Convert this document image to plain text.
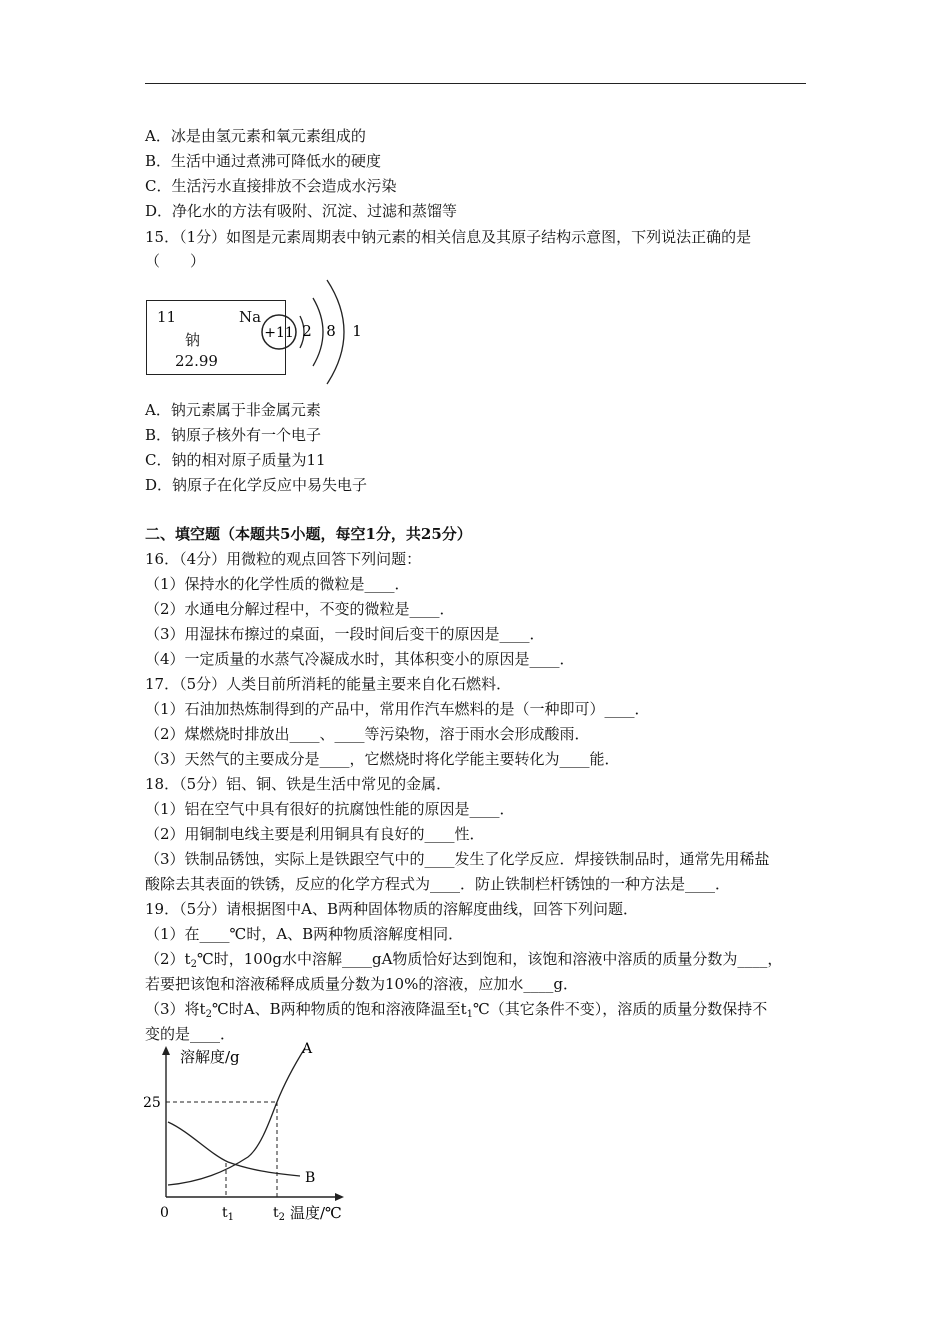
A．冰是由氢元素和氧元素组成的
B．生活中通过煮沸可降低水的硬度
C．生活污水直接排放不会造成水污染
D．净化水的方法有吸附、沉淀、过滤和蒸馏等
15．（1分）如图是元素周期表中钠元素的相关信息及其原子结构示意图，下列说法正确的是
（　　）
11	Na
钠
22.99
+11 2 8 1
A．钠元素属于非金属元素
B．钠原子核外有一个电子
C．钠的相对原子质量为11
D．钠原子在化学反应中易失电子
二、填空题（本题共5小题，每空1分，共25分）
16．（4分）用微粒的观点回答下列问题：
（1）保持水的化学性质的微粒是____．
（2）水通电分解过程中，不变的微粒是____．
（3）用湿抹布擦过的桌面，一段时间后变干的原因是____．
（4）一定质量的水蒸气冷凝成水时，其体积变小的原因是____．
17．（5分）人类目前所消耗的能量主要来自化石燃料．
（1）石油加热炼制得到的产品中，常用作汽车燃料的是（一种即可）____．
（2）煤燃烧时排放出____、____等污染物，溶于雨水会形成酸雨．
（3）天然气的主要成分是____，它燃烧时将化学能主要转化为____能．
18．（5分）铝、铜、铁是生活中常见的金属．
（1）铝在空气中具有很好的抗腐蚀性能的原因是____．
（2）用铜制电线主要是利用铜具有良好的____性．
（3）铁制品锈蚀，实际上是铁跟空气中的____发生了化学反应．焊接铁制品时，通常先用稀盐
酸除去其表面的铁锈，反应的化学方程式为____．防止铁制栏杆锈蚀的一种方法是____．
19．（5分）请根据图中A、B两种固体物质的溶解度曲线，回答下列问题．
（1）在____℃时，A、B两种物质溶解度相同．
$(2)t_2℃$时，100g水中溶解____gA物质恰好达到饱和，该饱和溶液中溶质的质量分数为____，
若要把该饱和溶液稀释成质量分数为10%的溶液，应加水____g．
（3）将$t_2℃$时A、B两种物质的饱和溶液降温至$t_1℃$（其它条件不变），溶质的质量分数保持不
变的是____．
溶解度/g	A
B
25
0	$t_1$	$t_2$ 温度/℃
